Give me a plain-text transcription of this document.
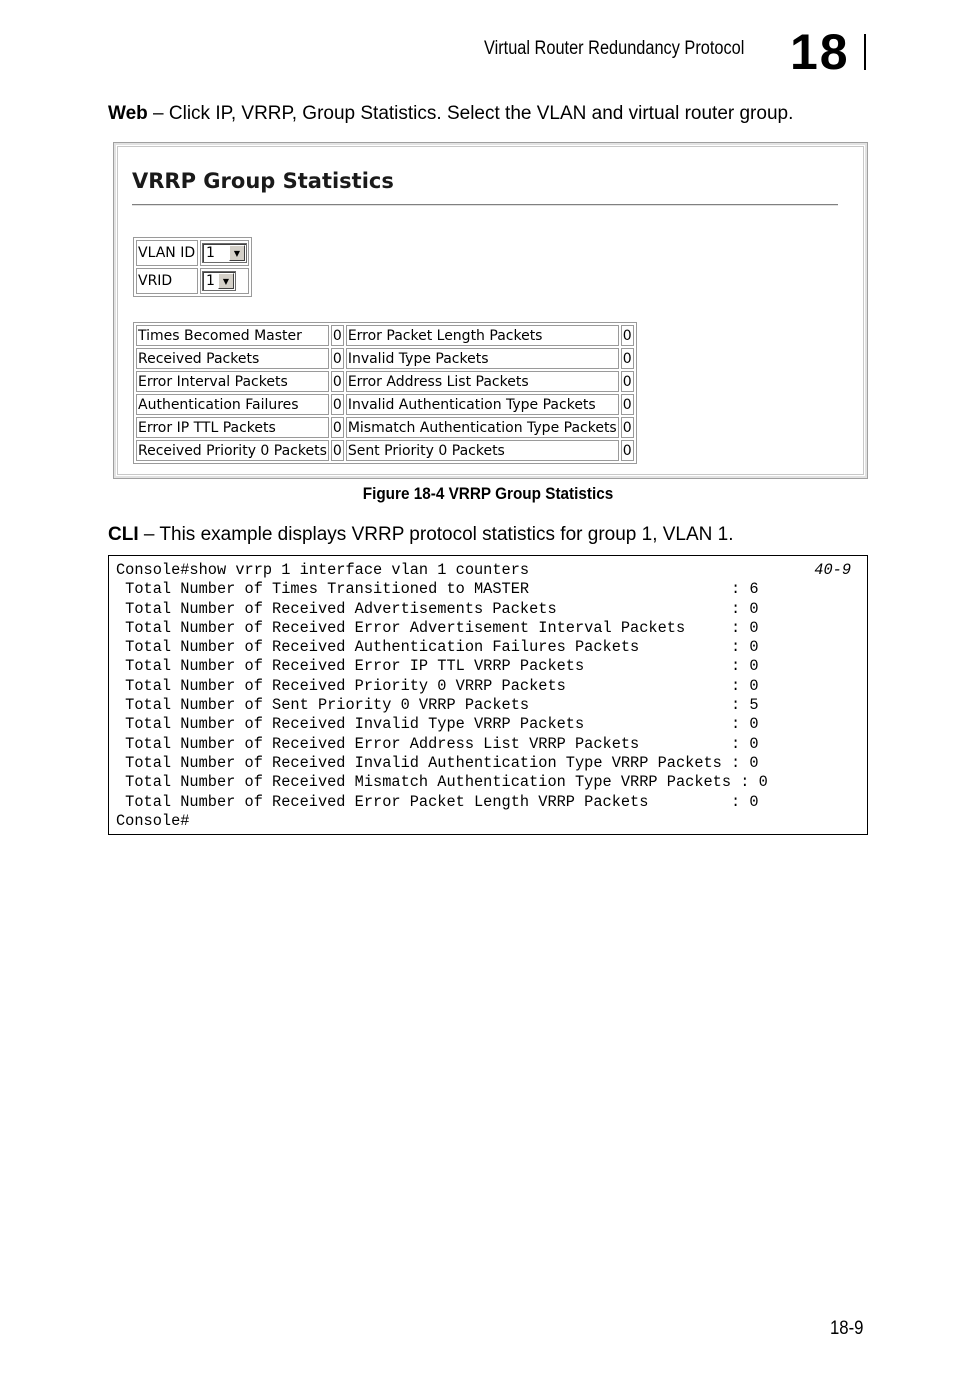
Virtual Router Redundancy Protocol 18
Web – Click IP, VRRP, Group Statistics. Select the VLAN and virtual router group.
VRRP Group Statistics
VLAN ID	1 ▼

VRID	1 ▼
Times Becomed Master	0	Error Packet Length Packets	0
Received Packets	0	Invalid Type Packets	0
Error Interval Packets	0	Error Address List Packets	0
Authentication Failures	0	Invalid Authentication Type Packets	0
Error IP TTL Packets	0	Mismatch Authentication Type Packets	0
Received Priority 0 Packets	0	Sent Priority 0 Packets	0
Figure 18-4 VRRP Group Statistics
CLI – This example displays VRRP protocol statistics for group 1, VLAN 1.
Console#show vrrp 1 interface vlan 1 counters
Total Number of Times Transitioned to MASTER                      : 6
Total Number of Received Advertisements Packets                   : 0
Total Number of Received Error Advertisement Interval Packets     : 0
Total Number of Received Authentication Failures Packets          : 0
Total Number of Received Error IP TTL VRRP Packets                : 0
Total Number of Received Priority 0 VRRP Packets                  : 0
Total Number of Sent Priority 0 VRRP Packets                      : 5
Total Number of Received Invalid Type VRRP Packets                : 0
Total Number of Received Error Address List VRRP Packets          : 0
Total Number of Received Invalid Authentication Type VRRP Packets : 0
Total Number of Received Mismatch Authentication Type VRRP Packets : 0
Total Number of Received Error Packet Length VRRP Packets         : 0
Console#
40-9
18-9
